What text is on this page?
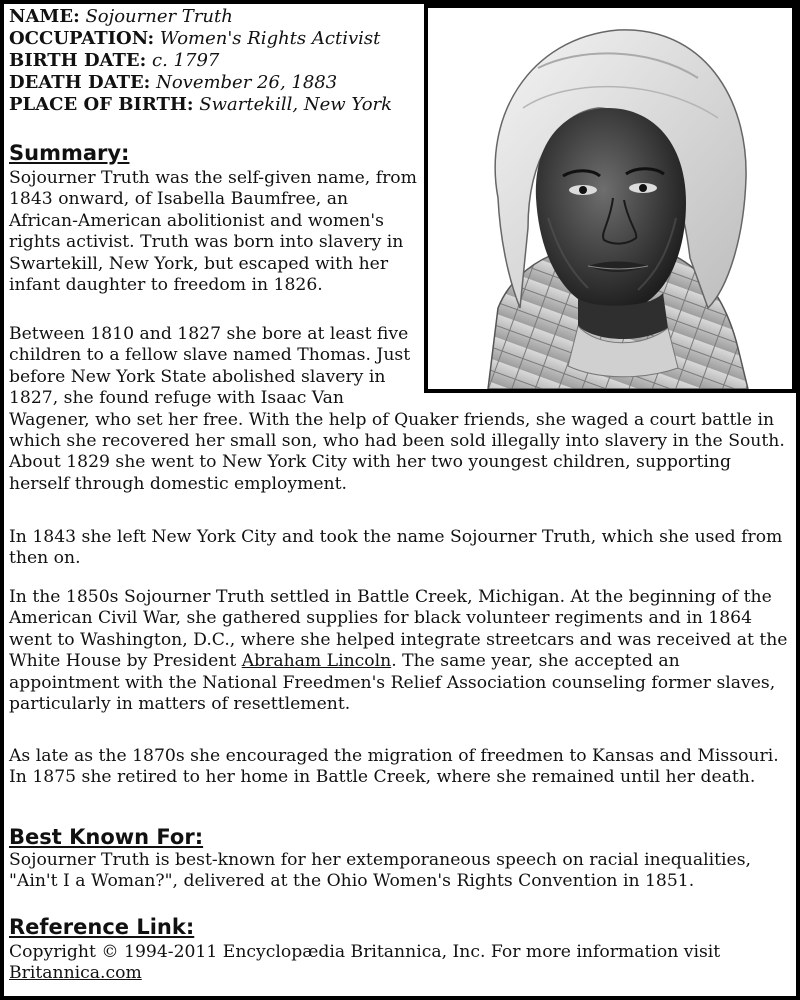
NAME: Sojourner Truth
OCCUPATION: Women's Rights Activist
BIRTH DATE: c. 1797
DEATH DATE: November 26, 1883
PLACE OF BIRTH: Swartekill, New York
Summary:

Sojourner Truth was the self-given name, from 1843 onward, of Isabella Baumfree, an African-American abolitionist and women's rights activist. Truth was born into slavery in Swartekill, New York, but escaped with her infant daughter to freedom in 1826.

Between 1810 and 1827 she bore at least five
children to a fellow slave named Thomas. Just
before New York State abolished slavery in
1827, she found refuge with Isaac Van
Wagener, who set her free. With the help of Quaker friends, she waged a court battle in which she recovered her small son, who had been sold illegally into slavery in the South. About 1829 she went to New York City with her two youngest children, supporting herself through domestic employment.

In 1843 she left New York City and took the name Sojourner Truth, which she used from then on.

In the 1850s Sojourner Truth settled in Battle Creek, Michigan. At the beginning of the American Civil War, she gathered supplies for black volunteer regiments and in 1864 went to Washington, D.C., where she helped integrate streetcars and was received at the White House by President Abraham Lincoln. The same year, she accepted an appointment with the National Freedmen's Relief Association counseling former slaves, particularly in matters of resettlement.

As late as the 1870s she encouraged the migration of freedmen to Kansas and Missouri. In 1875 she retired to her home in Battle Creek, where she remained until her death.

Best Known For:

Sojourner Truth is best-known for her extemporaneous speech on racial inequalities, "Ain't I a Woman?", delivered at the Ohio Women's Rights Convention in 1851.

Reference Link:

Copyright © 1994-2011 Encyclopædia Britannica, Inc. For more information visit
Britannica.com
